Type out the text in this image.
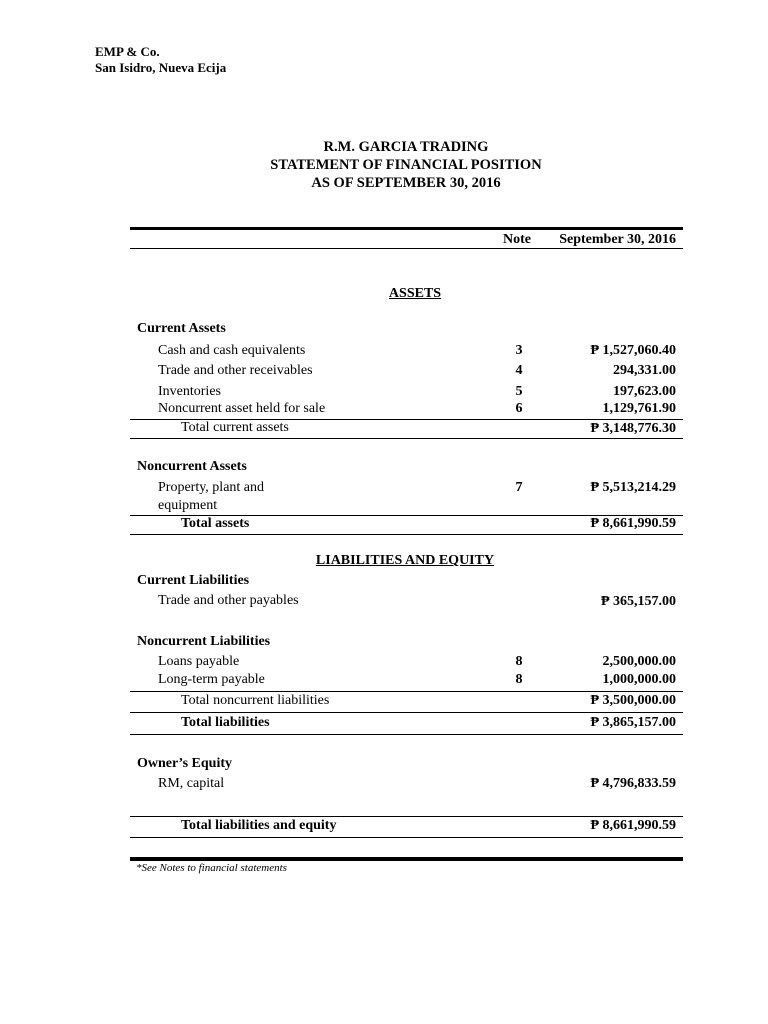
EMP & Co.
San Isidro, Nueva Ecija
R.M. GARCIA TRADING
STATEMENT OF FINANCIAL POSITION
AS OF SEPTEMBER 30, 2016
Note September 30, 2016
ASSETS
Current Assets
Cash and cash equivalents	3	₱ 1,527,060.40
Trade and other receivables	4	294,331.00
Inventories	5	197,623.00
Noncurrent asset held for sale	6	1,129,761.90
Total current assets	₱ 3,148,776.30
Noncurrent Assets
Property, plant and
equipment
7	₱ 5,513,214.29
Total assets	₱ 8,661,990.59
LIABILITIES AND EQUITY
Current Liabilities
Trade and other payables	₱ 365,157.00
Noncurrent Liabilities
Loans payable	8	2,500,000.00
Long-term payable	8	1,000,000.00
Total noncurrent liabilities	₱ 3,500,000.00
Total liabilities	₱ 3,865,157.00
Owner’s Equity
RM, capital	₱ 4,796,833.59
Total liabilities and equity	₱ 8,661,990.59
*See Notes to financial statements
